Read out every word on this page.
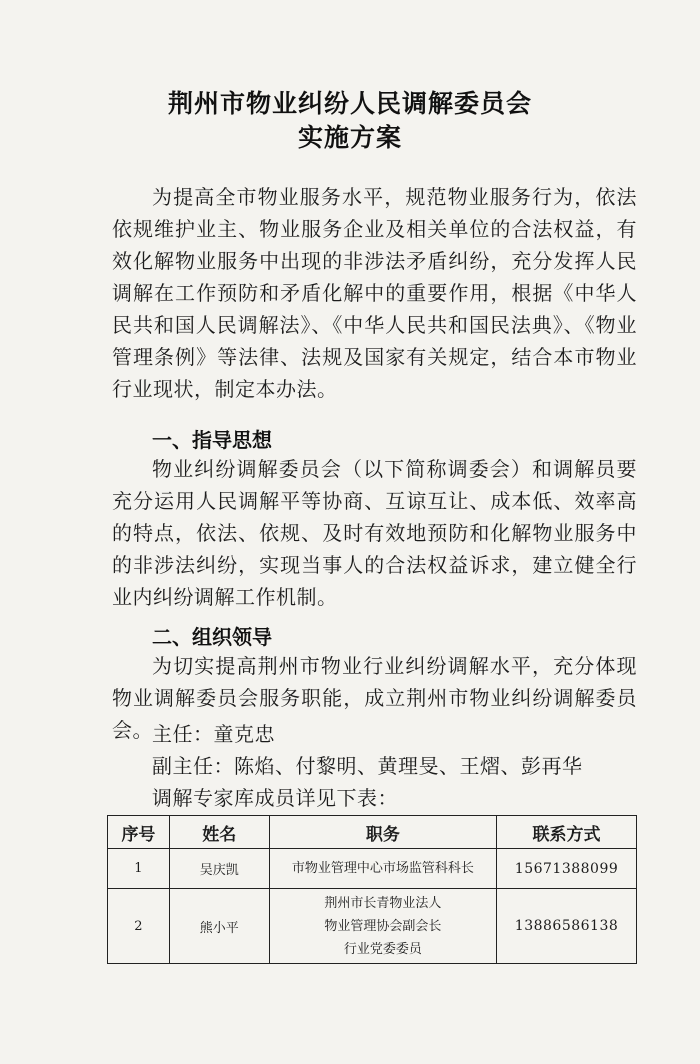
荆州市物业纠纷人民调解委员会
实施方案
为提高全市物业服务水平，规范物业服务行为，依法依规维护业主、物业服务企业及相关单位的合法权益，有效化解物业服务中出现的非涉法矛盾纠纷，充分发挥人民调解在工作预防和矛盾化解中的重要作用，根据《中华人民共和国人民调解法》、《中华人民共和国民法典》、《物业管理条例》等法律、法规及国家有关规定，结合本市物业行业现状，制定本办法。
一、指导思想
物业纠纷调解委员会（以下简称调委会）和调解员要充分运用人民调解平等协商、互谅互让、成本低、效率高的特点，依法、依规、及时有效地预防和化解物业服务中的非涉法纠纷，实现当事人的合法权益诉求，建立健全行业内纠纷调解工作机制。
二、组织领导
为切实提高荆州市物业行业纠纷调解水平，充分体现物业调解委员会服务职能，成立荆州市物业纠纷调解委员会。 主任：童克忠
副主任：陈焰、付黎明、黄理旻、王熠、彭再华
调解专家库成员详见下表：
序号	姓名	职务	联系方式
1	吴庆凯	市物业管理中心市场监管科科长	15671388099
2	熊小平	荆州市长青物业法人
物业管理协会副会长
行业党委委员	13886586138
